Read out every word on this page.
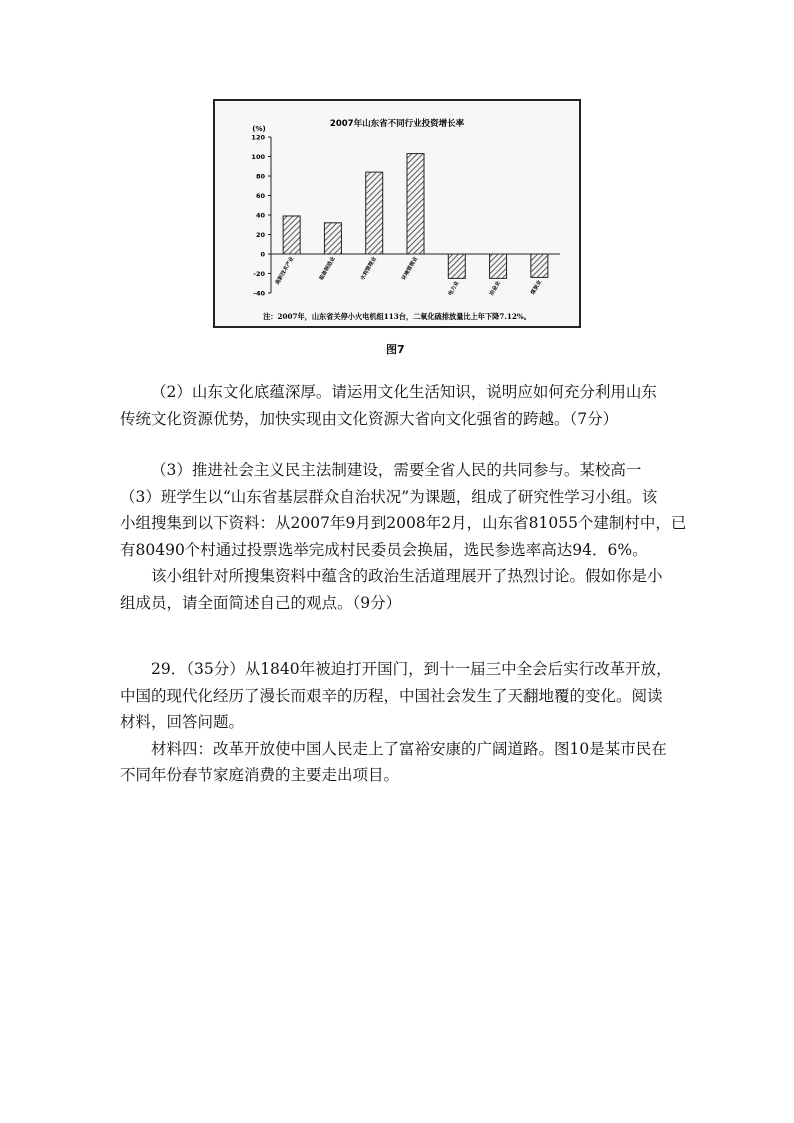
2007年山东省不同行业投资增长率
(%)
120
100
80
60
40
20
0
-20
-40
高新技术产业	装备制造业	水利管理业	环境管理业
电力业	冶金业	煤炭业
注：2007年，山东省关停小火电机组113台，二氧化硫排放量比上年下降7.12%。
图7
（2）山东文化底蕴深厚。请运用文化生活知识，说明应如何充分利用山东
传统文化资源优势，加快实现由文化资源大省向文化强省的跨越。（7分）
（3）推进社会主义民主法制建设，需要全省人民的共同参与。某校高一
（3）班学生以“山东省基层群众自治状况”为课题，组成了研究性学习小组。该
小组搜集到以下资料：从2007年9月到2008年2月，山东省81055个建制村中，已
有80490个村通过投票选举完成村民委员会换届，选民参选率高达94．6%。
该小组针对所搜集资料中蕴含的政治生活道理展开了热烈讨论。假如你是小
组成员，请全面简述自己的观点。（9分）
29．（35分）从1840年被迫打开国门，到十一届三中全会后实行改革开放，
中国的现代化经历了漫长而艰辛的历程，中国社会发生了天翻地覆的变化。阅读
材料，回答问题。
材料四：改革开放使中国人民走上了富裕安康的广阔道路。图10是某市民在
不同年份春节家庭消费的主要走出项目。
